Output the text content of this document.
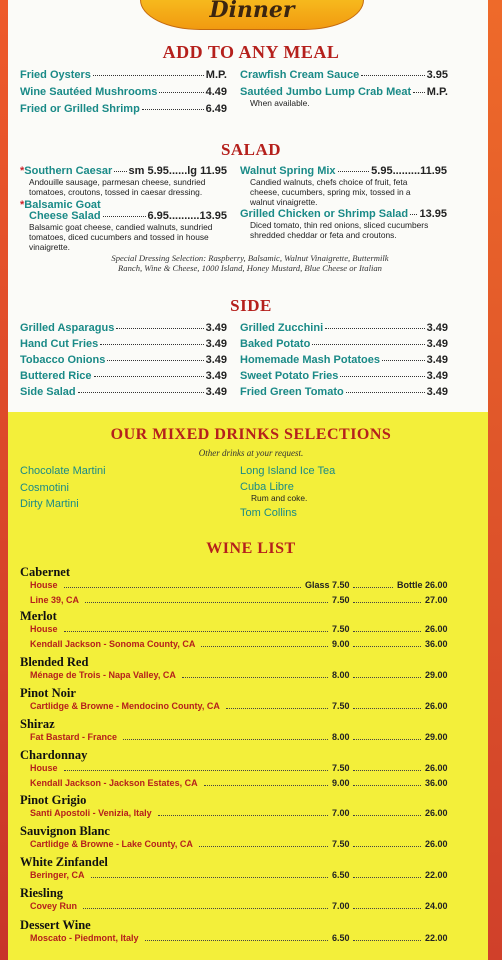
Dinner
ADD TO ANY MEAL
Fried Oysters	M.P.
Wine Sautéed Mushrooms	4.49
Fried or Grilled Shrimp	6.49
Crawfish Cream Sauce	3.95
Sautéed Jumbo Lump Crab Meat M.P.
When available.
SALAD
* Southern Caesar sm 5.95......lg 11.95
Andouille sausage, parmesan cheese, sundried tomatoes, croutons, tossed in caesar dressing.
* Balsamic Goat
Cheese Salad	6.95..........13.95
Balsamic goat cheese, candied walnuts, sundried tomatoes, diced cucumbers and tossed in house vinaigrette.
Walnut Spring Mix	5.95.........11.95
Candied walnuts, chefs choice of fruit, feta cheese, cucumbers, spring mix, tossed in a walnut vinaigrette.
Grilled Chicken or Shrimp Salad 13.95
Diced tomato, thin red onions, sliced cucumbers shredded cheddar or feta and croutons.
Special Dressing Selection: Raspberry, Balsamic, Walnut Vinaigrette, Buttermilk
Ranch, Wine & Cheese, 1000 Island, Honey Mustard, Blue Cheese or Italian
SIDE
Grilled Asparagus	3.49
Hand Cut Fries	3.49
Tobacco Onions	3.49
Buttered Rice	3.49
Side Salad	3.49
Grilled Zucchini	3.49
Baked Potato	3.49
Homemade Mash Potatoes	3.49
Sweet Potato Fries	3.49
Fried Green Tomato	3.49
OUR MIXED DRINKS SELECTIONS
Other drinks at your request.
Chocolate Martini
Cosmotini
Dirty Martini
Long Island Ice Tea
Cuba Libre
Rum and coke.
Tom Collins
WINE LIST
Cabernet
House	Glass 7.50	Bottle 26.00
Line 39, CA	7.50	27.00
Merlot
House	7.50	26.00
Kendall Jackson - Sonoma County, CA	9.00	36.00
Blended Red
Ménage de Trois - Napa Valley, CA	8.00	29.00
Pinot Noir
Cartlidge & Browne - Mendocino County, CA	7.50	26.00
Shiraz
Fat Bastard - France	8.00	29.00
Chardonnay
House	7.50	26.00
Kendall Jackson - Jackson Estates, CA	9.00	36.00
Pinot Grigio
Santi Apostoli - Venizia, Italy	7.00	26.00
Sauvignon Blanc
Cartlidge & Browne - Lake County, CA	7.50	26.00
White Zinfandel
Beringer, CA	6.50	22.00
Riesling
Covey Run	7.00	24.00
Dessert Wine
Moscato - Piedmont, Italy	6.50	22.00
